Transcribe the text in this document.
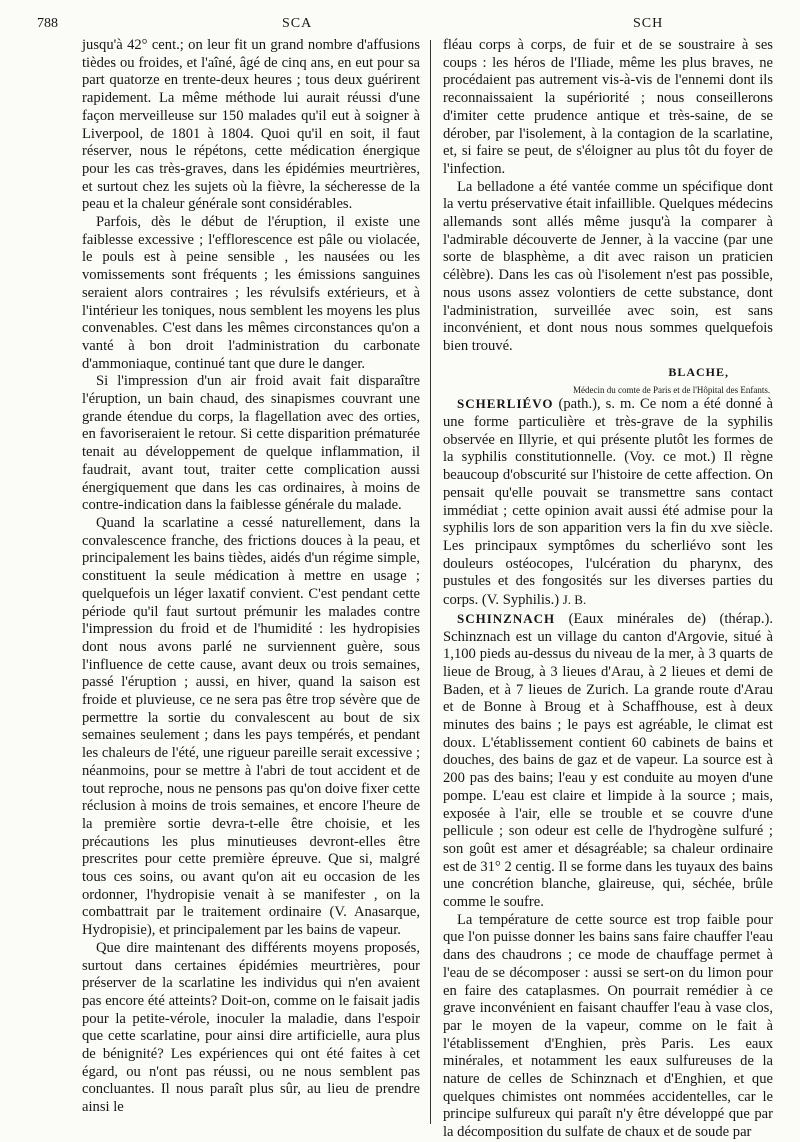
788	SCA	SCH

jusqu'à 42° cent.; on leur fit un grand nombre d'affusions tièdes ou froides, et l'aîné, âgé de cinq ans, en eut pour sa part quatorze en trente-deux heures ; tous deux guérirent rapidement. La même méthode lui aurait réussi d'une façon merveilleuse sur 150 malades qu'il eut à soigner à Liverpool, de 1801 à 1804. Quoi qu'il en soit, il faut réserver, nous le répétons, cette médication énergique pour les cas très-graves, dans les épidémies meurtrières, et surtout chez les sujets où la fièvre, la sécheresse de la peau et la chaleur générale sont considérables.

Parfois, dès le début de l'éruption, il existe une faiblesse excessive ; l'efflorescence est pâle ou violacée, le pouls est à peine sensible , les nausées ou les vomissements sont fréquents ; les émissions sanguines seraient alors contraires ; les révulsifs extérieurs, et à l'intérieur les toniques, nous semblent les moyens les plus convenables. C'est dans les mêmes circonstances qu'on a vanté à bon droit l'administration du carbonate d'ammoniaque, continué tant que dure le danger.

Si l'impression d'un air froid avait fait disparaître l'éruption, un bain chaud, des sinapismes couvrant une grande étendue du corps, la flagellation avec des orties, en favoriseraient le retour. Si cette disparition prématurée tenait au développement de quelque inflammation, il faudrait, avant tout, traiter cette complication aussi énergiquement que dans les cas ordinaires, à moins de contre-indication dans la faiblesse générale du malade.

Quand la scarlatine a cessé naturellement, dans la convalescence franche, des frictions douces à la peau, et principalement les bains tièdes, aidés d'un régime simple, constituent la seule médication à mettre en usage ; quelquefois un léger laxatif convient. C'est pendant cette période qu'il faut surtout prémunir les malades contre l'impression du froid et de l'humidité : les hydropisies dont nous avons parlé ne surviennent guère, sous l'influence de cette cause, avant deux ou trois semaines, passé l'éruption ; aussi, en hiver, quand la saison est froide et pluvieuse, ce ne sera pas être trop sévère que de permettre la sortie du convalescent au bout de six semaines seulement ; dans les pays tempérés, et pendant les chaleurs de l'été, une rigueur pareille serait excessive ; néanmoins, pour se mettre à l'abri de tout accident et de tout reproche, nous ne pensons pas qu'on doive fixer cette réclusion à moins de trois semaines, et encore l'heure de la première sortie devra-t-elle être choisie, et les précautions les plus minutieuses devront-elles être prescrites pour cette première épreuve. Que si, malgré tous ces soins, ou avant qu'on ait eu occasion de les ordonner, l'hydropisie venait à se manifester , on la combattrait par le traitement ordinaire (V. Anasarque, Hydropisie), et principalement par les bains de vapeur.

Que dire maintenant des différents moyens proposés, surtout dans certaines épidémies meurtrières, pour préserver de la scarlatine les individus qui n'en avaient pas encore été atteints? Doit-on, comme on le faisait jadis pour la petite-vérole, inoculer la maladie, dans l'espoir que cette scarlatine, pour ainsi dire artificielle, aura plus de bénignité? Les expériences qui ont été faites à cet égard, ou n'ont pas réussi, ou ne nous semblent pas concluantes. Il nous paraît plus sûr, au lieu de prendre ainsi le

fléau corps à corps, de fuir et de se soustraire à ses coups : les héros de l'Iliade, même les plus braves, ne procédaient pas autrement vis-à-vis de l'ennemi dont ils reconnaissaient la supériorité ; nous conseillerons d'imiter cette prudence antique et très-saine, de se dérober, par l'isolement, à la contagion de la scarlatine, et, si faire se peut, de s'éloigner au plus tôt du foyer de l'infection.

La belladone a été vantée comme un spécifique dont la vertu préservative était infaillible. Quelques médecins allemands sont allés même jusqu'à la comparer à l'admirable découverte de Jenner, à la vaccine (par une sorte de blasphème, a dit avec raison un praticien célèbre). Dans les cas où l'isolement n'est pas possible, nous usons assez volontiers de cette substance, dont l'administration, surveillée avec soin, est sans inconvénient, et dont nous nous sommes quelquefois bien trouvé.

BLACHE,
Médecin du comte de Paris et de l'Hôpital des Enfants.

SCHERLIÉVO (path.), s. m. Ce nom a été donné à une forme particulière et très-grave de la syphilis observée en Illyrie, et qui présente plutôt les formes de la syphilis constitutionnelle. (Voy. ce mot.) Il règne beaucoup d'obscurité sur l'histoire de cette affection. On pensait qu'elle pouvait se transmettre sans contact immédiat ; cette opinion avait aussi été admise pour la syphilis lors de son apparition vers la fin du xve siècle. Les principaux symptômes du scherliévo sont les douleurs ostéocopes, l'ulcération du pharynx, des pustules et des fongosités sur les diverses parties du corps. (V. Syphilis.) J. B.

SCHINZNACH (Eaux minérales de) (thérap.). Schinznach est un village du canton d'Argovie, situé à 1,100 pieds au-dessus du niveau de la mer, à 3 quarts de lieue de Broug, à 3 lieues d'Arau, à 2 lieues et demi de Baden, et à 7 lieues de Zurich. La grande route d'Arau et de Bonne à Broug et à Schaffhouse, est à deux minutes des bains ; le pays est agréable, le climat est doux. L'établissement contient 60 cabinets de bains et douches, des bains de gaz et de vapeur. La source est à 200 pas des bains; l'eau y est conduite au moyen d'une pompe. L'eau est claire et limpide à la source ; mais, exposée à l'air, elle se trouble et se couvre d'une pellicule ; son odeur est celle de l'hydrogène sulfuré ; son goût est amer et désagréable; sa chaleur ordinaire est de 31° 2 centig. Il se forme dans les tuyaux des bains une concrétion blanche, glaireuse, qui, séchée, brûle comme le soufre.

La température de cette source est trop faible pour que l'on puisse donner les bains sans faire chauffer l'eau dans des chaudrons ; ce mode de chauffage permet à l'eau de se décomposer : aussi se sert-on du limon pour en faire des cataplasmes. On pourrait remédier à ce grave inconvénient en faisant chauffer l'eau à vase clos, par le moyen de la vapeur, comme on le fait à l'établissement d'Enghien, près Paris. Les eaux minérales, et notamment les eaux sulfureuses de la nature de celles de Schinznach et d'Enghien, et que quelques chimistes ont nommées accidentelles, car le principe sulfureux qui paraît n'y être développé que par la décomposition du sulfate de chaux et de soude par
